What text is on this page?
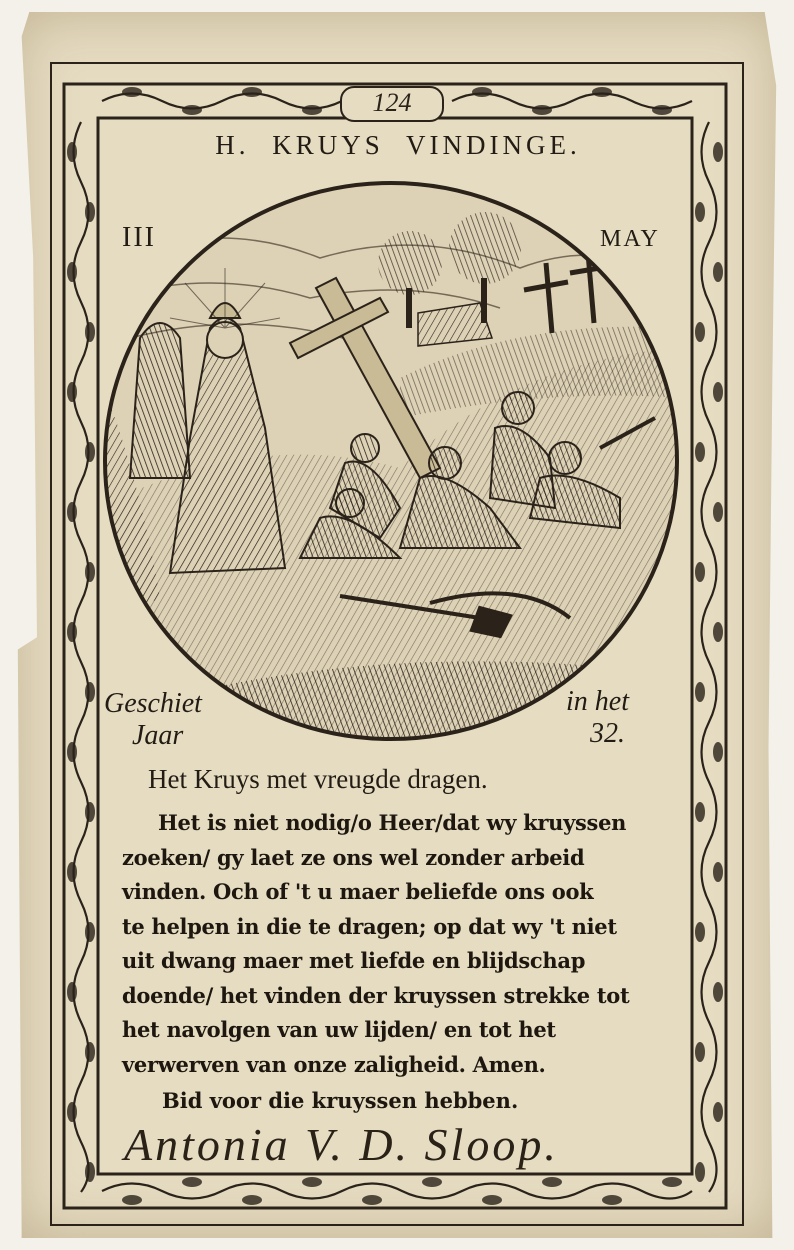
124
H. KRUYS VINDINGE.
III	MAY
Geschiet
Jaar
in het
32.
Het Kruys met vreugde dragen.
Het is niet nodig/o Heer/dat wy kruyssen
zoeken/ gy laet ze ons wel zonder arbeid
vinden. Och of 't u maer beliefde ons ook
te helpen in die te dragen; op dat wy 't niet
uit dwang maer met liefde en blijdschap
doende/ het vinden der kruyssen strekke tot
het navolgen van uw lijden/ en tot het
verwerven van onze zaligheid. Amen.
Bid voor die kruyssen hebben.
Antonia V. D. Sloop.
